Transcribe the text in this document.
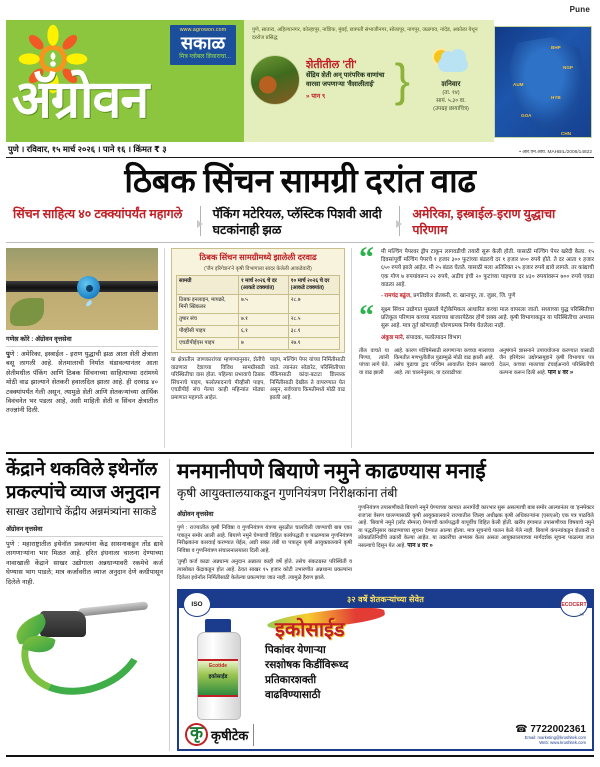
Pune
अ‍ॅग्रोवन
www.agrowon.com
सकाळ
मित्र ग्लोबल शिवाराचा...
पुणे, सातारा, अहिल्यानगर, कोल्हापूर, नाशिक, मुंबई, छत्रपती संभाजीनगर, सोलापूर, नागपूर, जळगाव, नांदेड, अकोला येथून दररोज प्रसिद्ध
शेतीतील 'ती'
सेंद्रिय शेती अन् पारंपरिक वाणांचा वारसा जपणाऱ्या 'वैशालीताई'
» पान ९	}	शनिवार
(ता. १४)
सायं. ५.३० वा.
(उपग्रह छायाचित्र)
BHP
NGP
AUM
HYB
GOA
CHN
पुणे । रविवार, १५ मार्च २०२६ । पाने १६ । किंमत ₹ ३	• आर.एन.आय. MAHBIL/2006/14822
ठिबक सिंचन सामग्री दरांत वाढ
सिंचन साहित्य ४० टक्क्यांपर्यंत महागले	पॅकिंग मटेरियल, प्लॅस्टिक पिशवी आदी घटकांनाही झळ
अमेरिका, इस्त्राईल-इराण युद्धाचा परिणाम
गणेश कोरे : अ‍ॅग्रोवन वृत्तसेवा

पुणे : अमेरिका, इस्त्राईल - इराण युद्धाची झळ आता शेती क्षेत्राला बसू लागली आहे. शेतमालाची निर्यात थंडावल्यानंतर आता शेतीमधील पॅकिंग आणि ठिबक सिंचनाच्या साहित्याच्या दरांमध्ये मोठी वाढ झाल्याने शेतकरी हवालदिल झाला आहे. ही दरवाढ ४० टक्क्यांपर्यंत गेली असून, त्यामुळे शेती आणि शेतकऱ्यांच्या आर्थिक विवंचनेत भर पडला आहे, अशी माहिती शेती व सिंचन क्षेत्रातील तज्ज्ञांनी दिली.

ठिबक सिंचन सामग्रीमध्ये झालेली दरवाढ
('जैन इरिगेशन'ने कृषी विभागाला सादर केलेली आकडेवारी)
सामग्री	१ मार्च २०२६ चे दर (आकडे टक्क्यांत)	१० मार्च २०२६ चे दर (आकडे टक्क्यांत)
ठिबक इनलाइन, मायक्रो, मिनी स्प्रिंकलर	७.५	२८.७
तुषार संच	७.१	२८.५
पीव्हीसी पाइप	६.१	३८.१
एचडीपीईएस पाइप	७	२७.१

या क्षेत्रातील जाणकारांच्या म्हणण्यानुसार, शेतीचे वाढणारा देशाच्या विविध सामग्रीसाठी परिस्थितीचा वास होता. पहिल्या प्रभावाचे ठिबक सिंचनाचे पाइप, फलोत्पादनाचे पीव्हीसी पाइप, एचडीपीई संच गेल्या काही महिन्यांत मोठ्या प्रमाणात महागले आहेत.

पाइप, मल्चिंग पेपर यांच्या निर्मितीसाठी जाते. त्यानंतर सोडारेट, परिस्थितीच्या पॅकिंगसाठी कांदा-बटाटा शिल्लक निर्मितीसाठी देखील ते वापरण्यात येत असून, सर्वच्याच किमतीमध्ये मोठी वाढ झाली आहे.

“	मी मल्चिंग पेपरवर ड्रीप टाकून लागवडीची तयारी सुरू केली होती. यासाठी मल्चिंग पेपर खरेदी केला. १५ दिवसांपूर्वी मल्चिंग पेपरचे १ हजार ३०० फुटांच्या बंडलचे दर १ हजार ४०० रुपये होते. ते दर आता १ हजार ६५० रुपये झाले आहेत. मी २५ बंडल घेतले. यासाठी मला अतिरिक्त २५ हजार रुपये द्यावे लागले. तर कांद्याची एक गोण ७ रुपयांवरून २२ रुपये, अडीच इंची २० फुटांच्या पाइपचा दर ४३० रुपयांवरून ७०० रुपये एवढा वाढला आहे.
- रामचंद्र बढुंज, प्रगतिशील शेतकरी, रा. खानापूर, ता. जुन्नर, जि. पुणे
“	सूक्ष्म सिंचन उद्योगात मुख्यत्वे पेट्रोकेमिकल आधारित कच्चा माल वापरला जातो. सध्याच्या युद्ध परिस्थितीचा प्रतिकूल परिणाम कच्च्या मालाच्या बाजारपेठेवर होणे शक्य आहे. कृषी विभागाकडून या परिस्थितीचा अभ्यास सुरू आहे. मात्र तूर्त कोणताही धोरणात्मक निर्णय घेतलेला नाही.
अंकुश माने, संपादक, फलोत्पादन विभाग

तील वाचते या पिण्या, त्यांनी पांच्या लागे घेते. या वाढ झाली

आहे. कारण पश्चिमेसाठी लागणाऱ्या कच्च्या मालाच्या किमतीत मणभूतीतील पुढाम्मुळे मोठी वाढ झाली आहे. तसेच पुढाचा द्वाद पश्चिम आयातीत देशांन बसायचे आहे. त्या चालनेनुसार, या दरवाढीच्या

अनुषंगाने शासनाने उपाययोजना करण्यात यासाठी जैन इरिगेशन उद्योगसमूहाने कृषी विभागाय पत्र देऊन, कच्च्या मालाच्या टंचाईअन्वये परिस्थितीची कल्पना करून दिली आहे. पान ४ वर »

केंद्राने थकविले इथेनॉल प्रकल्पांचे व्याज अनुदान
साखर उद्योगाचे केंद्रीय अन्नमंत्र्यांना साकडे
अ‍ॅग्रोवन वृत्तसेवा

पुणे : महाराष्ट्रातील इथेनॉल प्रकल्पांना केंद्र शासनाकडून तोंड द्यावे लागणाऱ्यांना भार मिळत आहे. हरित इंधनाला चालना देण्याच्या नावाखाली केंद्राने साखर उद्योगाला अन्नधान्यावरी रकमेचे कर्ज घेण्यास भाग पाडले; मात्र कर्जावरील व्याज अनुदान देणे कधीपासून दिलेले नाही.

मनमानीपणे बियाणे नमुने काढण्यास मनाई
कृषी आयुक्तालयाकडून गुणनियंत्रण निरीक्षकांना तंबी
अ‍ॅग्रोवन वृत्तसेवा

पुणे : राज्यातील कृषी निविष्ठा व गुणनियंत्रण यंत्रणा सुरळीत चालविली जाण्याची बाब एका पत्रातून समोर आली आहे. बियाणे नमुने घेण्याची विहित कार्यपद्धती व पाळण्यास गुणनियंत्रण निरीक्षकांना कारवाई करण्यात येईल, अशी सक्त तंबी या पत्रातून कृषी आयुक्तालयाने कृषी निविष्ठा व गुणनियंत्रण संचालनालयाला दिली आहे.

'तुम्ही कर्ज काढा अन्नधान्य अनुदान अन्नाला काही वर्षे होते. तसेच संकटग्रस्त परिस्थिती व त्यासोबत केंद्राकडून होत आहे. ठेवत साखर १५ हजार कोटी उभारणीत अन्नधान्य प्रकल्पांना दिलेला इथेनॉल निर्मितीसाठी केलेल्या प्रकल्पांचा जात नाही. त्यामुळे हैराण झाले.

गुणनियंत्रण तपासणीकडे बियाणे नमुने घेण्याच्या कामात अनागोंदी कारभार सुरू असल्याची बाब समोर आल्यानंतर या 'इन्स्पेक्टर राज'ला वेसण घालण्यासाठी कृषी आयुक्तालयाने राज्यातील जिल्हा अधीक्षक कृषी अधिकाऱ्यांना (एसएओ) एक पत्र पाठविले आहे. 'बियाणे नमुने (लॉट सॅम्पल) घेण्याची कार्यपद्धती यापूर्वीच विहित केली होती. खरीप हंगामात तपासणीच्या विषयाचे नमुने या पद्धतीनुसार काढण्याच्या सूचना देण्यात आल्या होत्या. मात्र सूचनांचे पालन केले गेले नाही. बियाणे कंपन्यांकडून शेतकरी व लोकप्रतिनिधींचे तक्रारी केल्या आहेत. या तक्रारींचा अभ्यास केला असता आयुक्तालयाच्या मार्गदर्शक सूचना पाळल्या जात नसल्याचे दिसून येत आहे. पान ४ वर »

ISO
३२ वर्षे शेतकऱ्यांच्या सेवेत
ECOCERT
Ecotide
इकोसाईड
इकोसाईड
™
पिकांवर येणाऱ्या
रसशोषक किडींविरूध्द
प्रतिकारशक्ती
वाढविण्यासाठी
कृ कृषीटेक	☎ 7722002361
Email: marketing@krushitek.com
Web: www.krushitek.com
